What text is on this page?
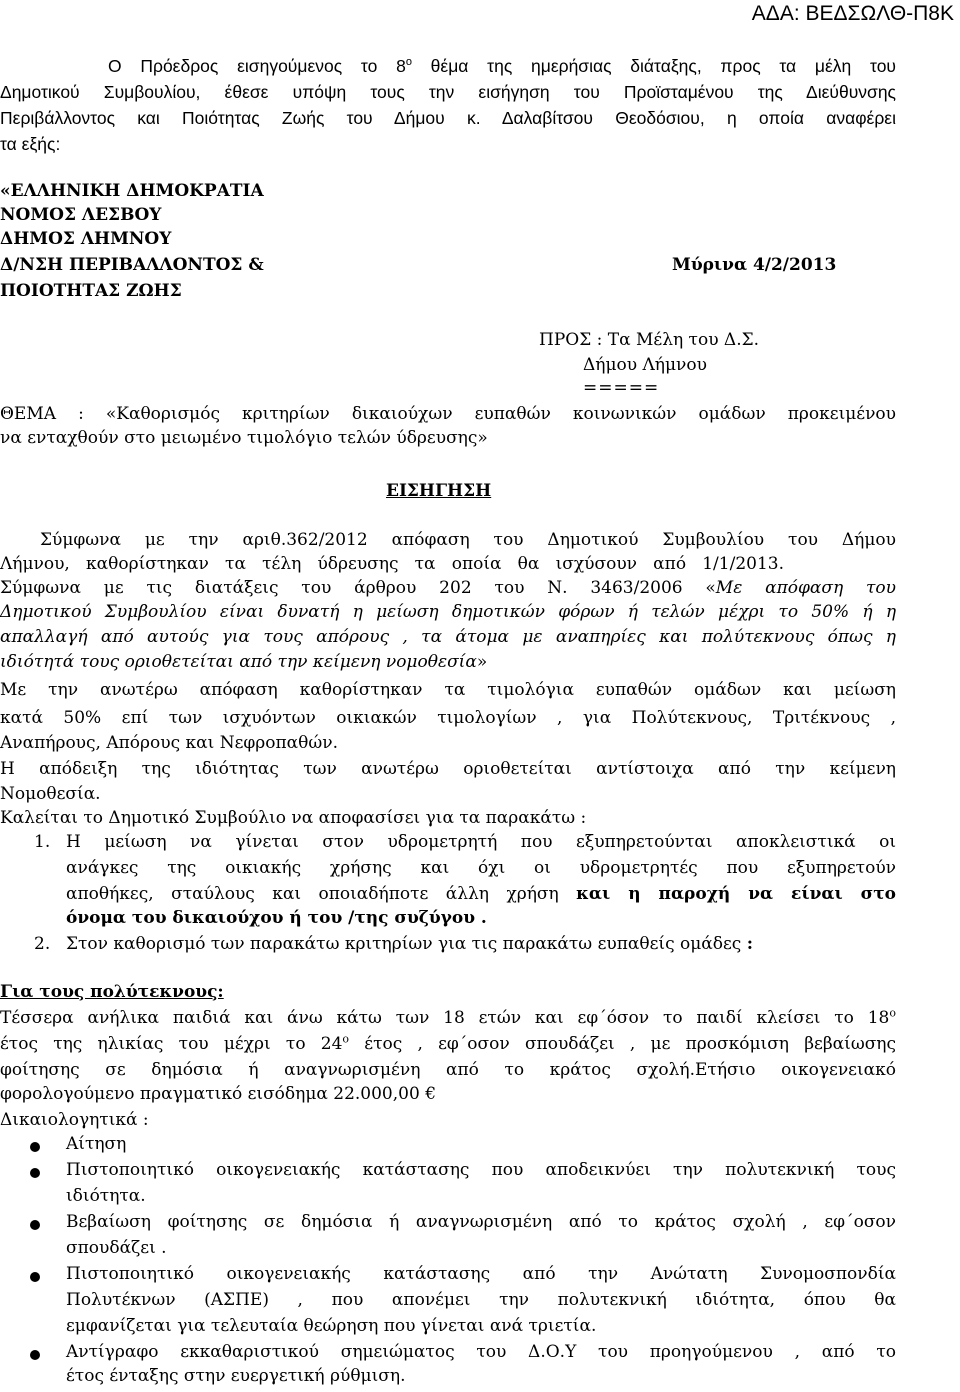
ΑΔΑ: ΒΕΔΣΩΛΘ-Π8Κ
Ο Πρόεδρος εισηγούμενος το $8^o$ θέμα της ημερήσιας διάταξης, προς τα μέλη του
Δημοτικού Συμβουλίου, έθεσε υπόψη τους την εισήγηση του Προϊσταμένου της Διεύθυνσης
Περιβάλλοντος και Ποιότητας Ζωής του Δήμου κ. Δαλαβίτσου Θεοδόσιου, η οποία αναφέρει
τα εξής:
«ΕΛΛΗΝΙΚΗ ΔΗΜΟΚΡΑΤΙΑ
ΝΟΜΟΣ ΛΕΣΒΟΥ
ΔΗΜΟΣ ΛΗΜΝΟΥ
Δ/ΝΣΗ ΠΕΡΙΒΑΛΛΟΝΤΟΣ &
ΠΟΙΟΤΗΤΑΣ ΖΩΗΣ
Μύρινα 4/2/2013
ΠΡΟΣ : Τα Μέλη του Δ.Σ.
Δήμου Λήμνου
=====
ΘΕΜΑ : «Καθορισμός κριτηρίων δικαιούχων ευπαθών κοινωνικών ομάδων προκειμένου
να ενταχθούν στο μειωμένο τιμολόγιο τελών ύδρευσης»
ΕΙΣΗΓΗΣΗ
Σύμφωνα με την αριθ.362/2012 απόφαση του Δημοτικού Συμβουλίου του Δήμου
Λήμνου, καθορίστηκαν τα τέλη ύδρευσης τα οποία θα ισχύσουν από 1/1/2013.
Σύμφωνα με τις διατάξεις του άρθρου 202 του Ν. 3463/2006 «Με απόφαση του
Δημοτικού Συμβουλίου είναι δυνατή η μείωση δημοτικών φόρων ή τελών μέχρι το 50% ή η
απαλλαγή από αυτούς για τους απόρους , τα άτομα με αναπηρίες και πολύτεκνους όπως η
ιδιότητά τους οριοθετείται από την κείμενη νομοθεσία»
Με την ανωτέρω απόφαση καθορίστηκαν τα τιμολόγια ευπαθών ομάδων και μείωση
κατά 50% επί των ισχυόντων οικιακών τιμολογίων , για Πολύτεκνους, Τριτέκνους ,
Αναπήρους, Απόρους και Νεφροπαθών.
Η απόδειξη της ιδιότητας των ανωτέρω οριοθετείται αντίστοιχα από την κείμενη
Νομοθεσία.
Καλείται το Δημοτικό Συμβούλιο να αποφασίσει για τα παρακάτω :
1. Η μείωση να γίνεται στον υδρομετρητή που εξυπηρετούνται αποκλειστικά οι
ανάγκες της οικιακής χρήσης και όχι οι υδρομετρητές που εξυπηρετούν
αποθήκες, σταύλους και οποιαδήποτε άλλη χρήση και η παροχή να είναι στο
όνομα του δικαιούχου ή του /της συζύγου .
2. Στον καθορισμό των παρακάτω κριτηρίων για τις παρακάτω ευπαθείς ομάδες :
Για τους πολύτεκνους:
Τέσσερα ανήλικα παιδιά και άνω κάτω των 18 ετών και εφ΄όσον το παιδί κλείσει το $18^o$
έτος της ηλικίας του μέχρι το $24^o$ έτος , εφ΄οσον σπουδάζει , με προσκόμιση βεβαίωσης
φοίτησης σε δημόσια ή αναγνωρισμένη από το κράτος σχολή.Ετήσιο οικογενειακό
φορολογούμενο πραγματικό εισόδημα 22.000,00 €
Δικαιολογητικά :
Αίτηση
Πιστοποιητικό οικογενειακής κατάστασης που αποδεικνύει την πολυτεκνική τους
ιδιότητα.
Βεβαίωση φοίτησης σε δημόσια ή αναγνωρισμένη από το κράτος σχολή , εφ΄οσον
σπουδάζει .
Πιστοποιητικό οικογενειακής κατάστασης από την Ανώτατη Συνομοσπονδία
Πολυτέκνων (ΑΣΠΕ) , που απονέμει την πολυτεκνική ιδιότητα, όπου θα
εμφανίζεται για τελευταία θεώρηση που γίνεται ανά τριετία.
Αντίγραφο εκκαθαριστικού σημειώματος του Δ.Ο.Υ του προηγούμενου , από το
έτος ένταξης στην ευεργετική ρύθμιση.
